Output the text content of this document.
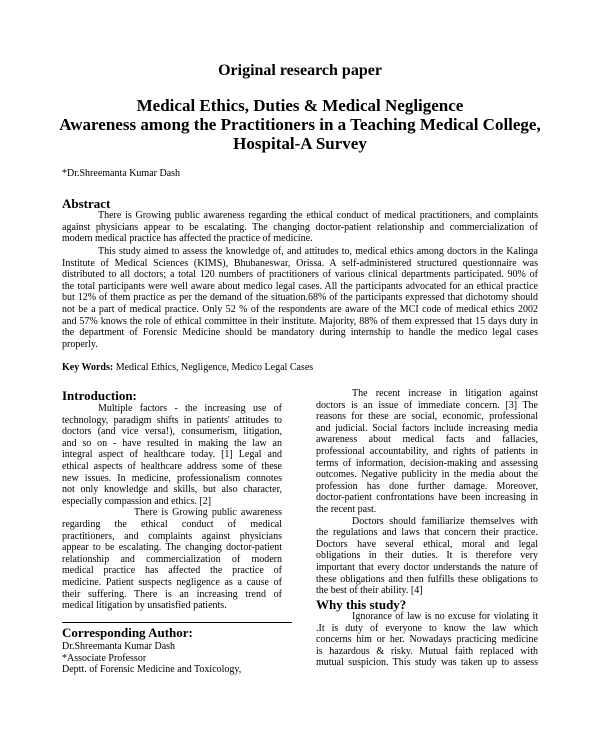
Original research paper
Medical Ethics, Duties & Medical Negligence
Awareness among the Practitioners in a Teaching Medical College,
Hospital-A Survey
*Dr.Shreemanta Kumar Dash
Abstract
There is Growing public awareness regarding the ethical conduct of medical practitioners, and complaints
against physicians appear to be escalating. The changing doctor-patient relationship and commercialization of
modern medical practice has affected the practice of medicine.
This study aimed to assess the knowledge of, and attitudes to, medical ethics among doctors in the Kalinga
Institute of Medical Sciences (KIMS), Bhubaneswar, Orissa. A self-administered structured questionnaire was
distributed to all doctors; a total 120 numbers of practitioners of various clinical departments participated. 90% of
the total participants were well aware about medico legal cases. All the participants advocated for an ethical practice
but 12% of them practice as per the demand of the situation.68% of the participants expressed that dichotomy should
not be a part of medical practice. Only 52 % of the respondents are aware of the MCI code of medical ethics 2002
and 57% knows the role of ethical committee in their institute. Majority, 88% of them expressed that 15 days duty in
the department of Forensic Medicine should be mandatory during internship to handle the medico legal cases
properly.
Key Words: Medical Ethics, Negligence, Medico Legal Cases
Introduction:
Multiple factors - the increasing use of
technology, paradigm shifts in patients' attitudes to
doctors (and vice versa!), consumerism, litigation,
and so on - have resulted in making the law an
integral aspect of healthcare today. [1] Legal and
ethical aspects of healthcare address some of these
new issues. In medicine, professionalism connotes
not only knowledge and skills, but also character,
especially compassion and ethics. [2]
There is Growing public awareness
regarding the ethical conduct of medical
practitioners, and complaints against physicians
appear to be escalating. The changing doctor-patient
relationship and commercialization of modern
medical practice has affected the practice of
medicine. Patient suspects negligence as a cause of
their suffering. There is an increasing trend of
medical litigation by unsatisfied patients.
Corresponding Author:
Dr.Shreemanta Kumar Dash
*Associate Professor
Deptt. of Forensic Medicine and Toxicology,
The recent increase in litigation against
doctors is an issue of immediate concern. [3] The
reasons for these are social, economic, professional
and judicial. Social factors include increasing media
awareness about medical facts and fallacies,
professional accountability, and rights of patients in
terms of information, decision-making and assessing
outcomes. Negative publicity in the media about the
profession has done further damage. Moreover,
doctor-patient confrontations have been increasing in
the recent past.
Doctors should familiarize themselves with
the regulations and laws that concern their practice.
Doctors have several ethical, moral and legal
obligations in their duties. It is therefore very
important that every doctor understands the nature of
these obligations and then fulfills these obligations to
the best of their ability. [4]
Why this study?
Ignorance of law is no excuse for violating it
.It is duty of everyone to know the law which
concerns him or her. Nowadays practicing medicine
is hazardous & risky. Mutual faith replaced with
mutual suspicion. This study was taken up to assess
